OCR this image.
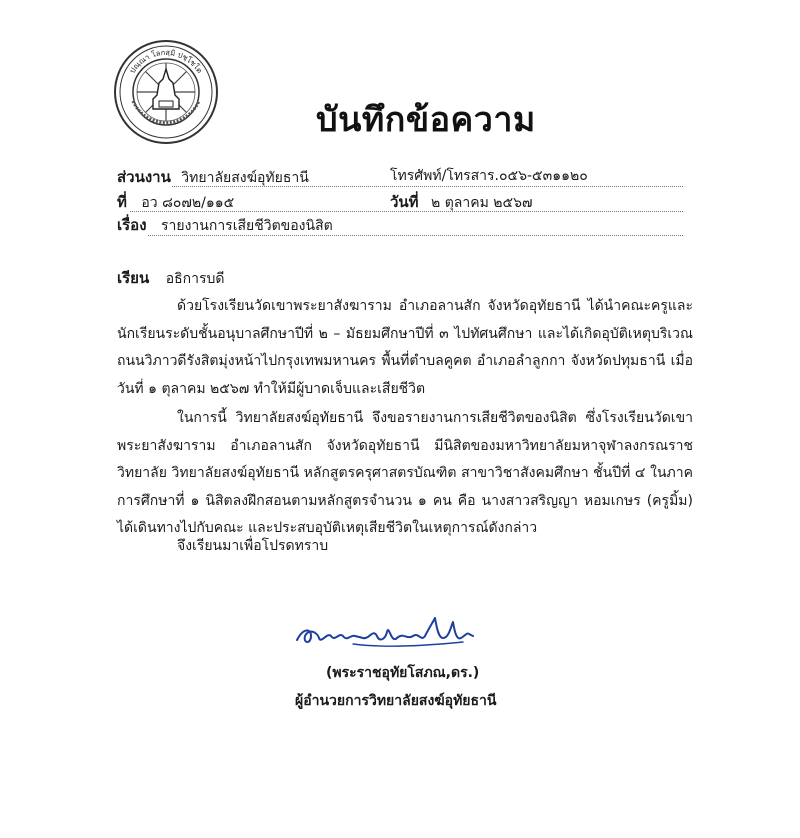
ปณฺณา โลกสฺมิ ปชฺโชโต
บันทึกข้อความ
ส่วนงาน วิทยาลัยสงฆ์อุทัยธานี	โทรศัพท์/โทรสาร.๐๕๖-๕๓๑๑๒๐
ที่ อว ๘๐๗๒/๑๑๕	วันที่ ๒ ตุลาคม ๒๕๖๗
เรื่อง รายงานการเสียชีวิตของนิสิต
เรียน อธิการบดี
ด้วยโรงเรียนวัดเขาพระยาสังฆาราม อำเภอลานสัก จังหวัดอุทัยธานี ได้นำคณะครูและนักเรียนระดับชั้นอนุบาลศึกษาปีที่ ๒ – มัธยมศึกษาปีที่ ๓ ไปทัศนศึกษา และได้เกิดอุบัติเหตุบริเวณถนนวิภาวดีรังสิตมุ่งหน้าไปกรุงเทพมหานคร พื้นที่ตำบลคูคต อำเภอลำลูกกา จังหวัดปทุมธานี เมื่อวันที่ ๑ ตุลาคม ๒๕๖๗ ทำให้มีผู้บาดเจ็บและเสียชีวิต
ในการนี้ วิทยาลัยสงฆ์อุทัยธานี จึงขอรายงานการเสียชีวิตของนิสิต ซึ่งโรงเรียนวัดเขาพระยาสังฆาราม อำเภอลานสัก จังหวัดอุทัยธานี มีนิสิตของมหาวิทยาลัยมหาจุฬาลงกรณราชวิทยาลัย วิทยาลัยสงฆ์อุทัยธานี หลักสูตรครุศาสตรบัณฑิต สาขาวิชาสังคมศึกษา ชั้นปีที่ ๔ ในภาคการศึกษาที่ ๑ นิสิตลงฝึกสอนตามหลักสูตรจำนวน ๑ คน คือ นางสาวสริญญา หอมเกษร (ครูมิ้ม) ได้เดินทางไปกับคณะ และประสบอุบัติเหตุเสียชีวิตในเหตุการณ์ดังกล่าว
จึงเรียนมาเพื่อโปรดทราบ
(พระราชอุทัยโสภณ,ดร.)
ผู้อำนวยการวิทยาลัยสงฆ์อุทัยธานี
